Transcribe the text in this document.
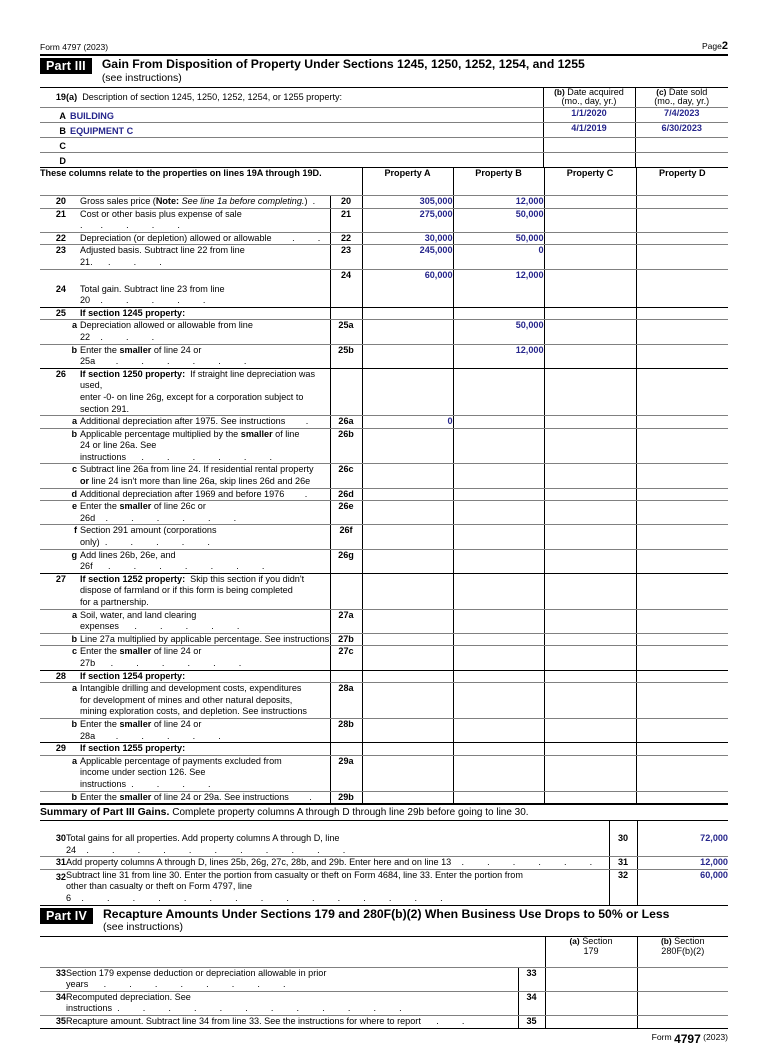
Form 4797 (2023)	Page2
Part III	Gain From Disposition of Property Under Sections 1245, 1250, 1252, 1254, and 1255
(see instructions)
19	(a) Description of section 1245, 1250, 1252, 1254, or 1255 property:	(b) Date acquired
(mo., day, yr.)	(c) Date sold
(mo., day, yr.)
A	BUILDING	1/1/2020	7/4/2023
B	EQUIPMENT C	4/1/2019	6/30/2023
C			
D			
These columns relate to the properties on lines 19A through 19D.				Property A	Property B	Property C	Property D
20		Gross sales price (Note: See line 1a before completing.) .	20	305,000	12,000		
21		Cost or other basis plus expense of sale .   .    .    .    .	21	275,000	50,000		
22		Depreciation (or depletion) allowed or allowable    .    .	22	30,000	50,000		
23		Adjusted basis. Subtract line 22 from line 21.   .    .    .	23	245,000	0		
24		Total gain. Subtract line 23 from line 20  .    .    .    .    .	24	60,000	12,000		
25		If section 1245 property:					
	a	Depreciation allowed or allowable from line 22  .    .    .	25a		50,000		
	b	Enter the smaller of line 24 or 25a    .    .    .    .    .    .	25b		12,000		
26		If section 1250 property:  If straight line depreciation was used,
enter -0- on line 26g, except for a corporation subject to section 291.					
	a	Additional depreciation after 1975. See instructions    .	26a	0			
	b	Applicable percentage multiplied by the smaller of line
24 or line 26a. See instructions   .    .    .    .    .    .	26b				
	c	Subtract line 26a from line 24. If residential rental property
or line 24 isn't more than line 26a, skip lines 26d and 26e	26c				
	d	Additional depreciation after 1969 and before 1976    .	26d				
	e	Enter the smaller of line 26c or 26d  .    .    .    .    .    .	26e				
	f	Section 291 amount (corporations only) .    .    .    .    .	26f				
	g	Add lines 26b, 26e, and 26f   .    .    .    .    .    .    .	26g				
27		If section 1252 property:  Skip this section if you didn't
dispose of farmland or if this form is being completed
for a partnership.					
	a	Soil, water, and land clearing expenses   .    .    .    .    .	27a				
	b	Line 27a multiplied by applicable percentage. See instructions	27b				
	c	Enter the smaller of line 24 or 27b   .    .    .    .    .    .	27c				
28		If section 1254 property:					
	a	Intangible drilling and development costs, expenditures
for development of mines and other natural deposits,
mining exploration costs, and depletion. See instructions	28a				
	b	Enter the smaller of line 24 or 28a    .    .    .    .    .	28b				
29		If section 1255 property:					
	a	Applicable percentage of payments excluded from
income under section 126. See instructions .    .    .    .	29a				
	b	Enter the smaller of line 24 or 29a. See instructions    .	29b				
Summary of Part III Gains. Complete property columns A through D through line 29b before going to line 30.

30	Total gains for all properties. Add property columns A through D, line 24  .    .    .    .    .    .    .    .    .    .    .	30	72,000
31	Add property columns A through D, lines 25b, 26g, 27c, 28b, and 29b. Enter here and on line 13  .    .    .    .    .    .	31	12,000
32	Subtract line 31 from line 30. Enter the portion from casualty or theft on Form 4684, line 33. Enter the portion from
other than casualty or theft on Form 4797, line 6  .    .    .    .    .    .    .    .    .    .    .    .    .    .    .	32	60,000
Part IV	Recapture Amounts Under Sections 179 and 280F(b)(2) When Business Use Drops to 50% or Less
(see instructions)
			(a) Section
179	(b) Section
280F(b)(2)
33	Section 179 expense deduction or depreciation allowable in prior years   .    .    .    .    .    .    .    .	33		
34	Recomputed depreciation. See instructions .    .    .    .    .    .    .    .    .    .    .    .	34		
35	Recapture amount. Subtract line 34 from line 33. See the instructions for where to report   .    .	35		
Form
4797
(2023)
